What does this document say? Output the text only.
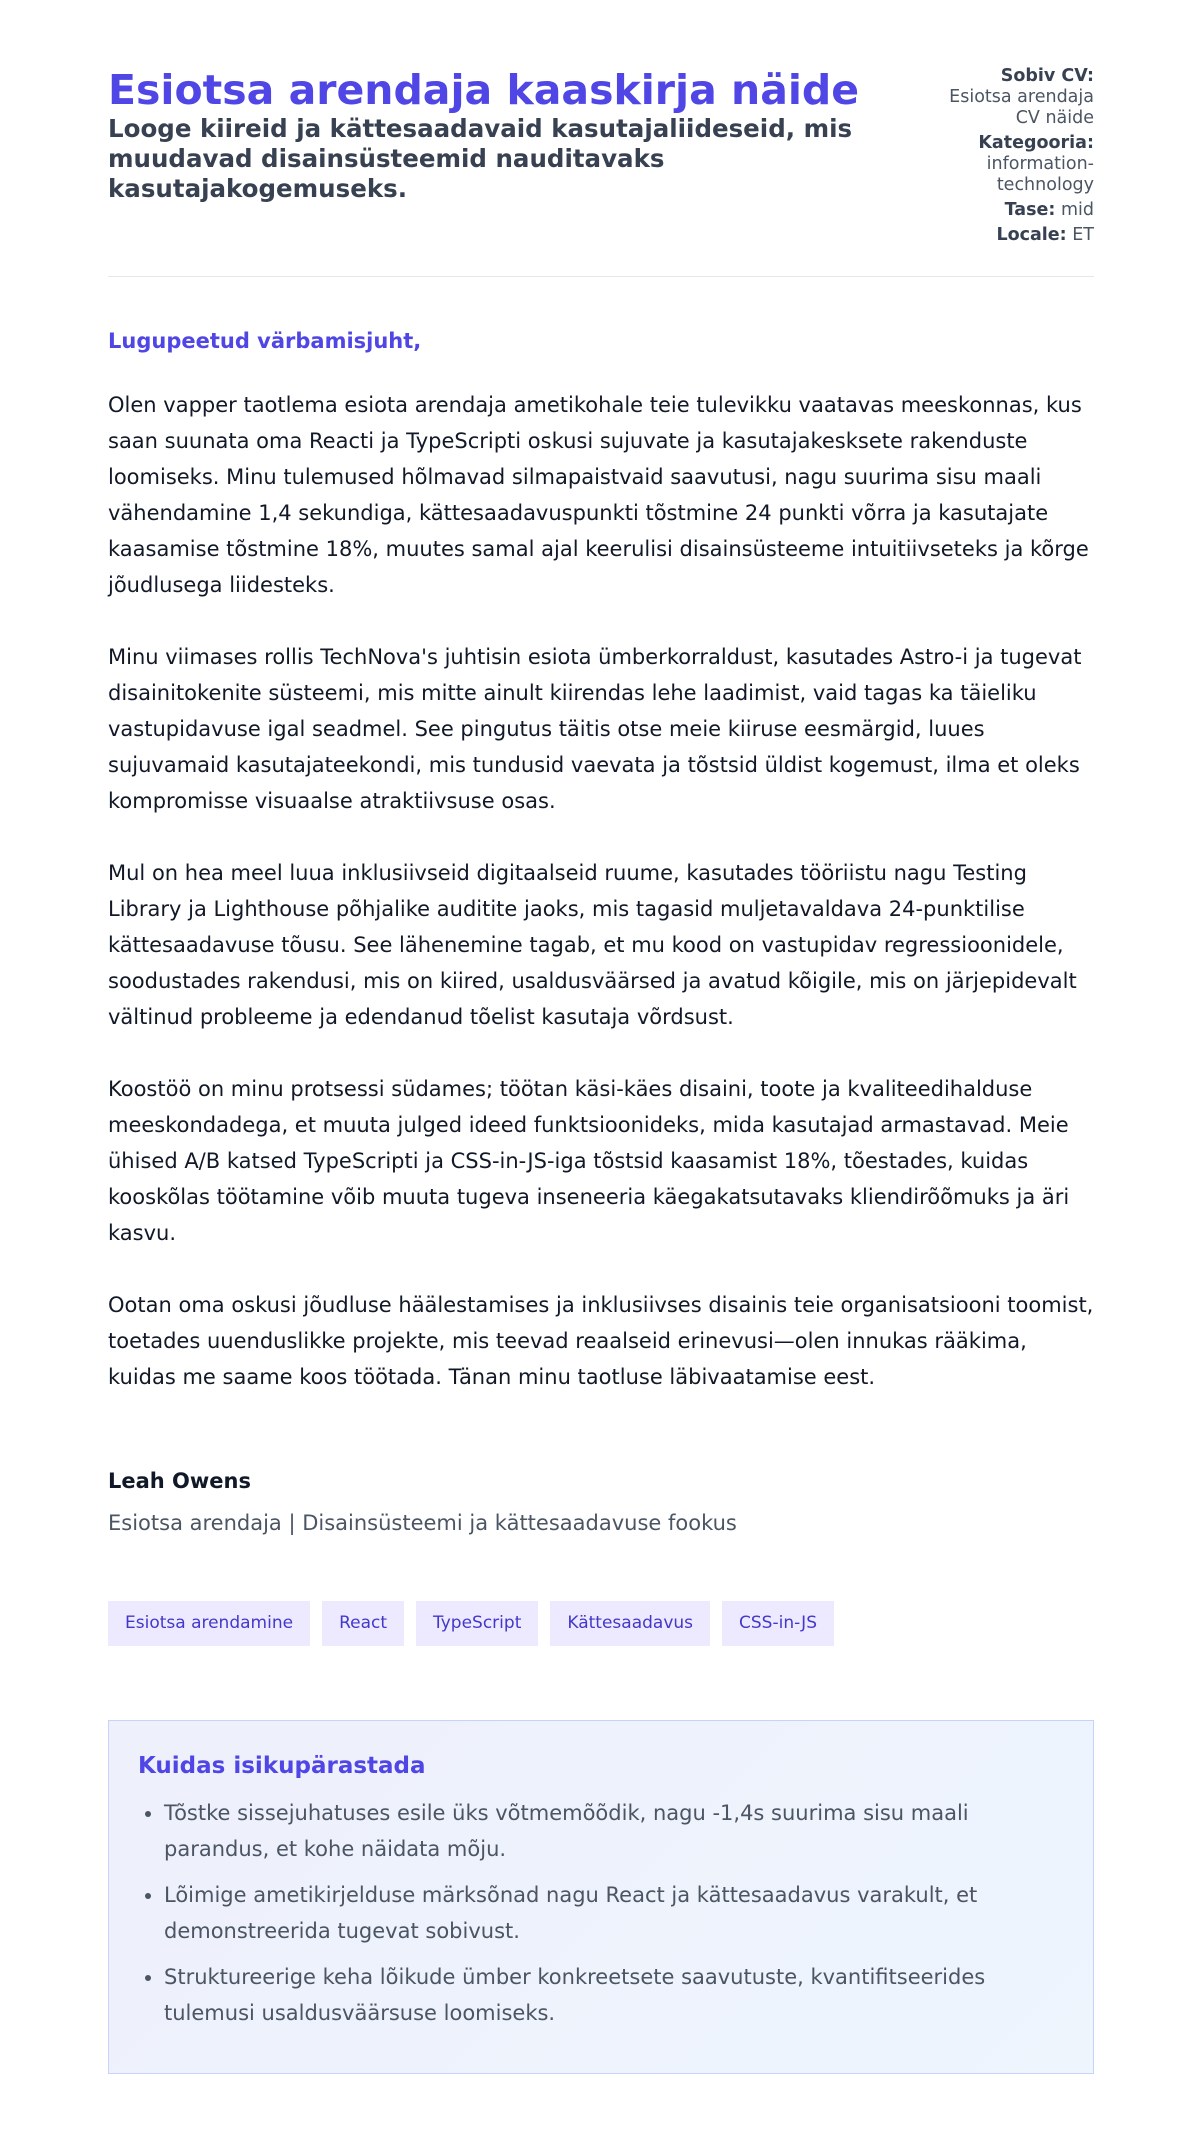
Esiotsa arendaja kaaskirja näide
Looge kiireid ja kättesaadavaid kasutajaliideseid, mis muudavad disainsüsteemid nauditavaks kasutajakogemuseks.
Sobiv CV:
Esiotsa arendaja CV näide
Kategooria:
information-technology
Tase: mid
Locale: ET
Lugupeetud värbamisjuht,

Olen vapper taotlema esiota arendaja ametikohale teie tulevikku vaatavas meeskonnas, kus saan suunata oma Reacti ja TypeScripti oskusi sujuvate ja kasutajakesksete rakenduste loomiseks. Minu tulemused hõlmavad silmapaistvaid saavutusi, nagu suurima sisu maali vähendamine 1,4 sekundiga, kättesaadavuspunkti tõstmine 24 punkti võrra ja kasutajate kaasamise tõstmine 18%, muutes samal ajal keerulisi disainsüsteeme intuitiivseteks ja kõrge jõudlusega liidesteks.

Minu viimases rollis TechNova's juhtisin esiota ümberkorraldust, kasutades Astro-i ja tugevat disainitokenite süsteemi, mis mitte ainult kiirendas lehe laadimist, vaid tagas ka täieliku vastupidavuse igal seadmel. See pingutus täitis otse meie kiiruse eesmärgid, luues sujuvamaid kasutajateekondi, mis tundusid vaevata ja tõstsid üldist kogemust, ilma et oleks kompromisse visuaalse atraktiivsuse osas.

Mul on hea meel luua inklusiivseid digitaalseid ruume, kasutades tööriistu nagu Testing Library ja Lighthouse põhjalike auditite jaoks, mis tagasid muljetavaldava 24-punktilise kättesaadavuse tõusu. See lähenemine tagab, et mu kood on vastupidav regressioonidele, soodustades rakendusi, mis on kiired, usaldusväärsed ja avatud kõigile, mis on järjepidevalt vältinud probleeme ja edendanud tõelist kasutaja võrdsust.

Koostöö on minu protsessi südames; töötan käsi-käes disaini, toote ja kvaliteedihalduse meeskondadega, et muuta julged ideed funktsioonideks, mida kasutajad armastavad. Meie ühised A/B katsed TypeScripti ja CSS-in-JS-iga tõstsid kaasamist 18%, tõestades, kuidas kooskõlas töötamine võib muuta tugeva inseneeria käegakatsutavaks kliendirõõmuks ja äri kasvu.

Ootan oma oskusi jõudluse häälestamises ja inklusiivses disainis teie organisatsiooni toomist, toetades uuenduslikke projekte, mis teevad reaalseid erinevusi—olen innukas rääkima, kuidas me saame koos töötada. Tänan minu taotluse läbivaatamise eest.

Leah Owens
Esiotsa arendaja | Disainsüsteemi ja kättesaadavuse fookus
Esiotsa arendamine	React	TypeScript	Kättesaadavus	CSS-in-JS
Kuidas isikupärastada
• Tõstke sissejuhatuses esile üks võtmemõõdik, nagu -1,4s suurima sisu maali parandus, et kohe näidata mõju.
• Lõimige ametikirjelduse märksõnad nagu React ja kättesaadavus varakult, et demonstreerida tugevat sobivust.
• Struktureerige keha lõikude ümber konkreetsete saavutuste, kvantifitseerides tulemusi usaldusväärsuse loomiseks.
